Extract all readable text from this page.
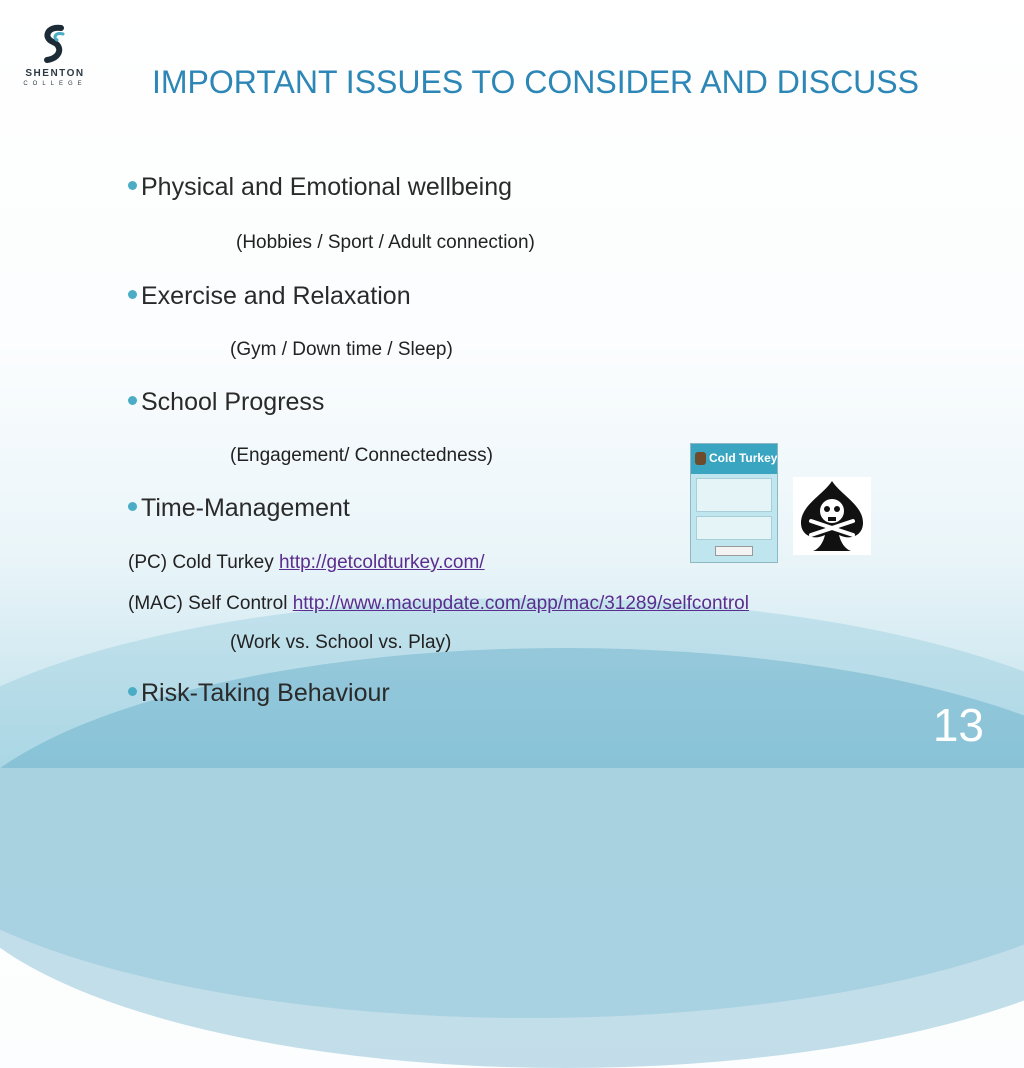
SHENTON
COLLEGE IMPORTANT ISSUES TO CONSIDER AND DISCUSS
Physical and Emotional wellbeing
(Hobbies / Sport / Adult connection)
Exercise and Relaxation
(Gym / Down time / Sleep)
School Progress
(Engagement/ Connectedness)
Time-Management
(PC) Cold Turkey http://getcoldturkey.com/
(MAC) Self Control http://www.macupdate.com/app/mac/31289/selfcontrol
(Work vs. School vs. Play)
Risk-Taking Behaviour
Cold Turkey
13
